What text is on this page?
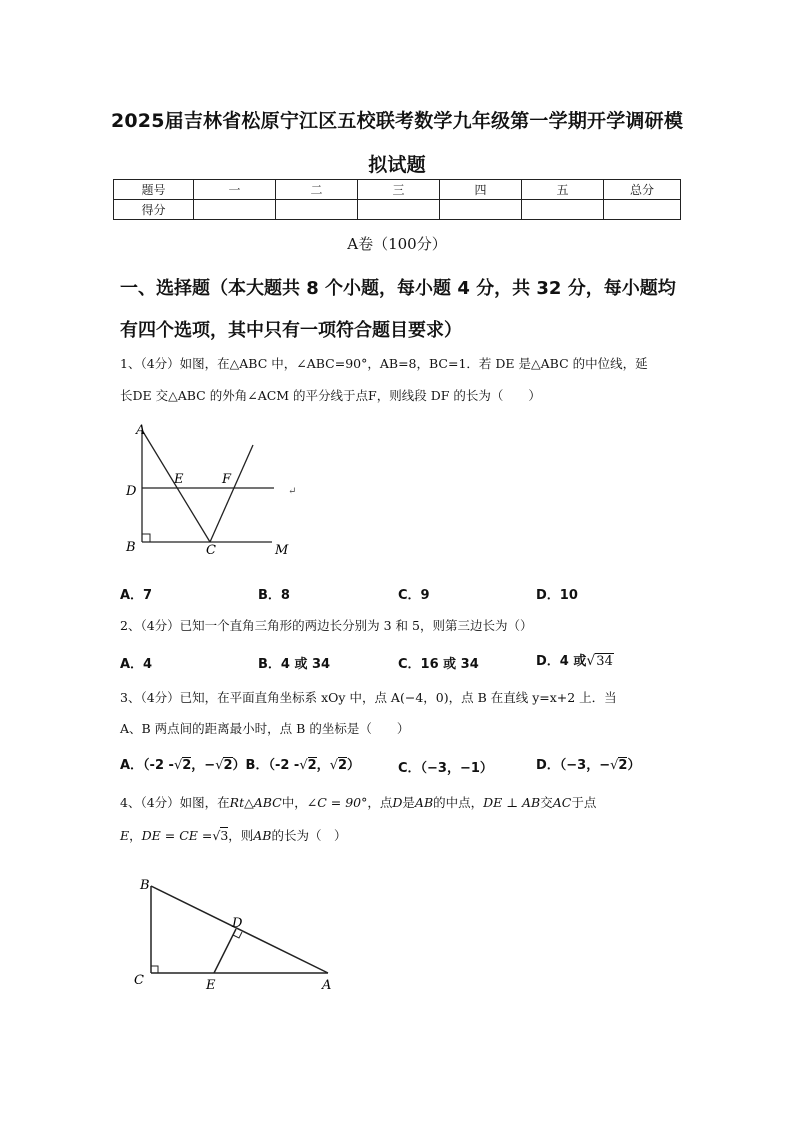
2025届吉林省松原宁江区五校联考数学九年级第一学期开学调研模
拟试题
题号	一	二	三	四	五	总分
得分						
A卷（100分）
一、选择题（本大题共 8 个小题，每小题 4 分，共 32 分，每小题均
有四个选项，其中只有一项符合题目要求）
1、（4分）如图，在△ABC 中，∠ABC=90°，AB=8，BC=1．若 DE 是△ABC 的中位线，延
长DE 交△ABC 的外角∠ACM 的平分线于点F，则线段 DF 的长为（　　）
A
E	F
D
B	C	M
↵
A．7	B．8	C．9	D．10
2、（4分）已知一个直角三角形的两边长分别为 3 和 5，则第三边长为（）
A．4	B．4 或 34	C．16 或 34	D．4 或√34
3、（4分）已知，在平面直角坐标系 xOy 中，点 A(−4，0)，点 B 在直线 y=x+2 上．当
A、B 两点间的距离最小时，点 B 的坐标是（　　）
A．（-2 -√2，−√2）B．（-2 -√2，√2）	C．（−3，−1）	D．（−3，−√2）
4、（4分）如图，在Rt△ABC中，∠C = 90°，点D是AB的中点，DE ⊥ AB交AC于点
E，DE = CE =√3，则AB的长为（　）
B
D
C	E	A
